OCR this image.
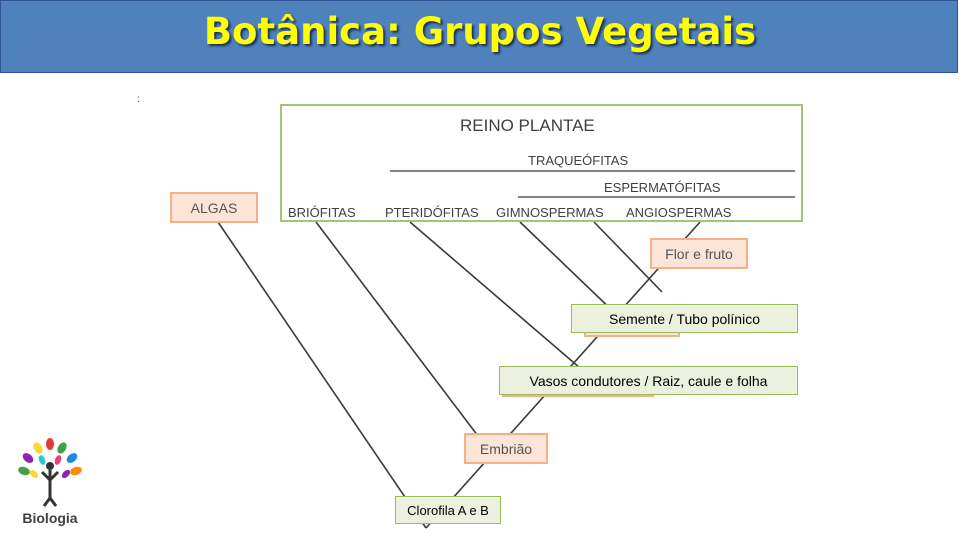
Botânica: Grupos Vegetais
:
REINO PLANTAE
TRAQUEÓFITAS
ESPERMATÓFITAS
BRIÓFITAS PTERIDÓFITAS GIMNOSPERMAS ANGIOSPERMAS
ALGAS
Flor e fruto
Semente / Tubo polínico
Vasos condutores / Raiz, caule e folha
Embrião
Clorofila A e B
Biologia
